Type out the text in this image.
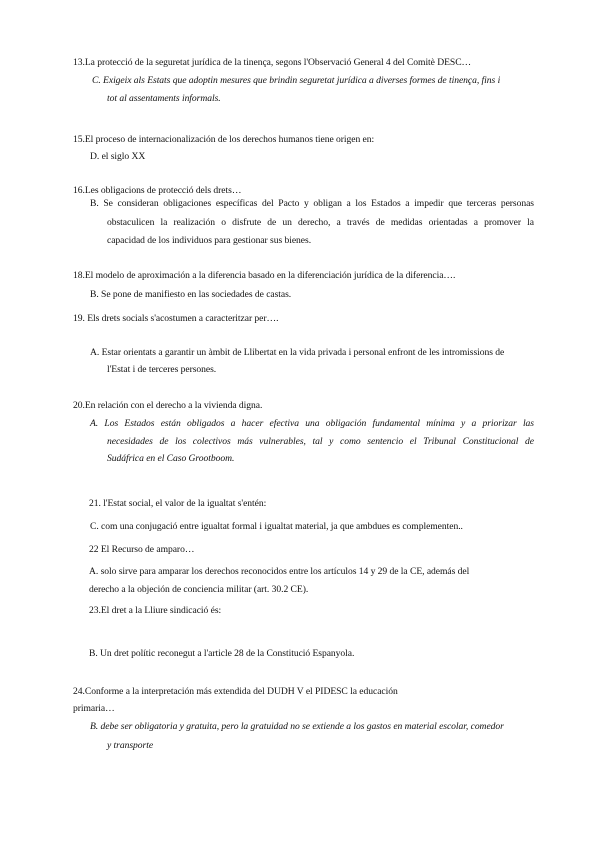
13.La protecció de la seguretat jurídica de la tinença, segons l'Observació General 4 del Comitè DESC…
C. Exigeix als Estats que adoptin mesures que brindin seguretat jurídica a diverses formes de tinença, fins i
tot al assentaments informals.
15.El proceso de internacionalización de los derechos humanos tiene origen en:
D. el siglo XX
16.Les obligacions de protecció dels drets…
B. Se consideran obligaciones específicas del Pacto y obligan a los Estados a impedir que terceras personas
obstaculicen la realización o disfrute de un derecho, a través de medidas orientadas a promover la
capacidad de los individuos para gestionar sus bienes.
18.El modelo de aproximación a la diferencia basado en la diferenciación jurídica de la diferencia….
B. Se pone de manifiesto en las sociedades de castas.
19. Els drets socials s'acostumen a caracteritzar per….
A. Estar orientats a garantir un àmbit de Llibertat en la vida privada i personal enfront de les intromissions de
l'Estat i de terceres persones.
20.En relación con el derecho a la vivienda digna.
A. Los Estados están obligados a hacer efectiva una obligación fundamental mínima y a priorizar las
necesidades de los colectivos más vulnerables, tal y como sentencio el Tribunal Constitucional de
Sudáfrica en el Caso Grootboom.
21. l'Estat social, el valor de la igualtat s'entén:
C. com una conjugació entre igualtat formal i igualtat material, ja que ambdues es complementen..
22 El Recurso de amparo…
A. solo sirve para amparar los derechos reconocidos entre los artículos 14 y 29 de la CE, además del
derecho a la objeción de conciencia militar (art. 30.2 CE).
23.El dret a la Lliure sindicació és:
B. Un dret polític reconegut a l'article 28 de la Constitució Espanyola.
24.Conforme a la interpretación más extendida del DUDH V el PIDESC la educación
primaria…
B. debe ser obligatoria y gratuita, pero la gratuidad no se extiende a los gastos en material escolar, comedor
y transporte
